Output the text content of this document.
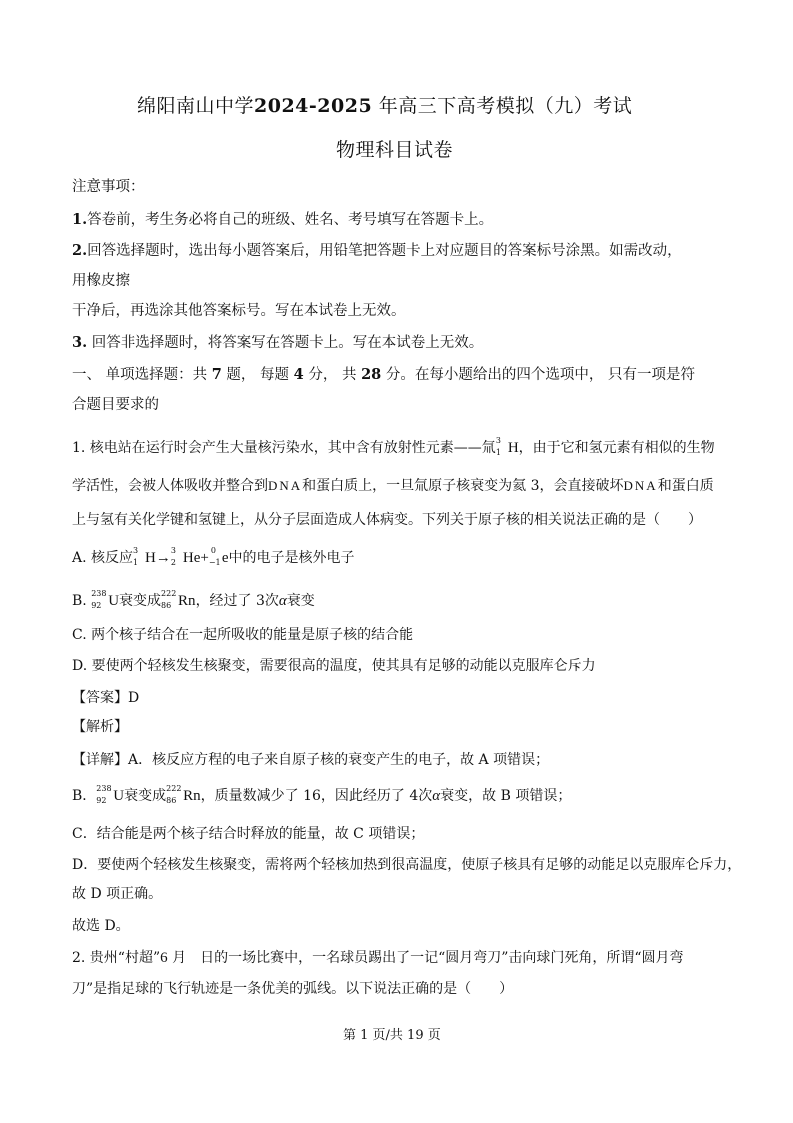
绵阳南山中学2024-2025 年高三下高考模拟（九）考试
物理科目试卷
注意事项：
1.答卷前，考生务必将自己的班级、姓名、考号填写在答题卡上。
2.回答选择题时，选出每小题答案后，用铅笔把答题卡上对应题目的答案标号涂黑。如需改动，
用橡皮擦
干净后，再选涂其他答案标号。写在本试卷上无效。
3. 回答非选择题时，将答案写在答题卡上。写在本试卷上无效。
一、 单项选择题：共 7 题， 每题 4 分， 共 28 分。在每小题给出的四个选项中， 只有一项是符
合题目要求的
1. 核电站在运行时会产生大量核污染水，其中含有放射性元素——氚 3
1 H，由于它和氢元素有相似的生物
学活性，会被人体吸收并整合到DNA和蛋白质上，一旦氚原子核衰变为氦 3，会直接破坏DNA和蛋白质
上与氢有关化学键和氢键上，从分子层面造成人体病变。下列关于原子核的相关说法正确的是（　　）
A. 核反应 3
1 H→ 3
2 He+ 0
−1 e中的电子是核外电子
B. 238
92 U衰变成 222
86 Rn，经过了 3次α衰变
C. 两个核子结合在一起所吸收的能量是原子核的结合能
D. 要使两个轻核发生核聚变，需要很高的温度，使其具有足够的动能以克服库仑斥力
【答案】D
【解析】
【详解】A．核反应方程的电子来自原子核的衰变产生的电子，故 A 项错误；
B． 238
92 U衰变成 222
86 Rn，质量数减少了 16，因此经历了 4次α衰变，故 B 项错误；
C．结合能是两个核子结合时释放的能量，故 C 项错误；
D．要使两个轻核发生核聚变，需将两个轻核加热到很高温度，使原子核具有足够的动能足以克服库仑斥力，
故 D 项正确。
故选 D。
2. 贵州“村超”6 月　日的一场比赛中，一名球员踢出了一记“圆月弯刀”击向球门死角，所谓“圆月弯
刀”是指足球的飞行轨迹是一条优美的弧线。以下说法正确的是（　　）
第 1 页/共 19 页
